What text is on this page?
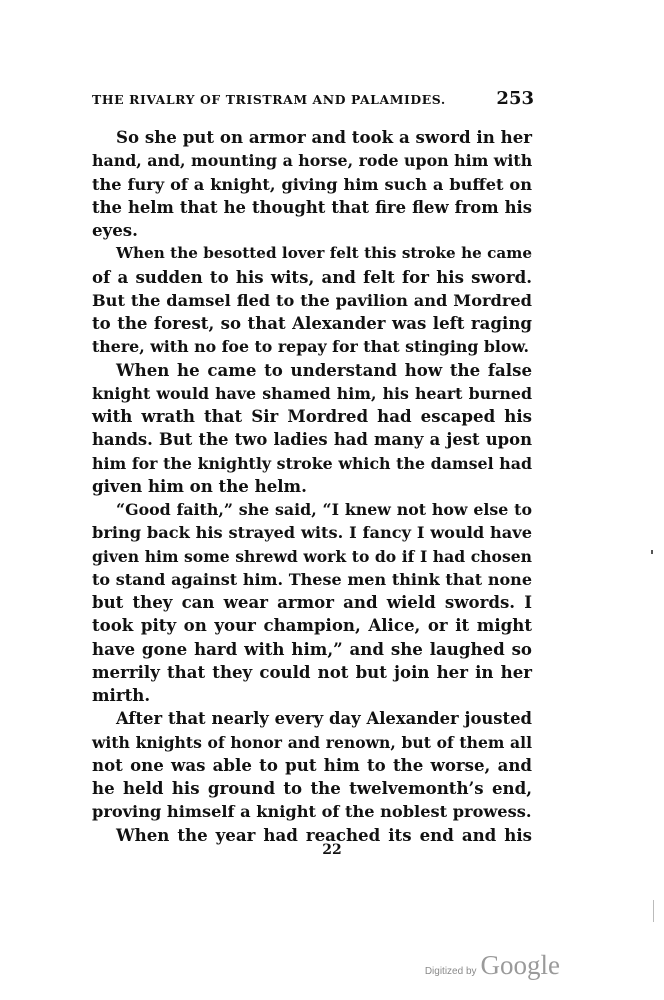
THE RIVALRY OF TRISTRAM AND PALAMIDES.	253
So she put on armor and took a sword in her
hand, and, mounting a horse, rode upon him with
the fury of a knight, giving him such a buffet on
the helm that he thought that fire flew from his
eyes.
When the besotted lover felt this stroke he came
of a sudden to his wits, and felt for his sword.
But the damsel fled to the pavilion and Mordred
to the forest, so that Alexander was left raging
there, with no foe to repay for that stinging blow.
When he came to understand how the false
knight would have shamed him, his heart burned
with wrath that Sir Mordred had escaped his
hands. But the two ladies had many a jest upon
him for the knightly stroke which the damsel had
given him on the helm.
“Good faith,” she said, “I knew not how else to
bring back his strayed wits. I fancy I would have
given him some shrewd work to do if I had chosen
to stand against him. These men think that none
but they can wear armor and wield swords. I
took pity on your champion, Alice, or it might
have gone hard with him,” and she laughed so
merrily that they could not but join her in her
mirth.
After that nearly every day Alexander jousted
with knights of honor and renown, but of them all
not one was able to put him to the worse, and
he held his ground to the twelvemonth’s end,
proving himself a knight of the noblest prowess.
When the year had reached its end and his
22
Digitized by Google
